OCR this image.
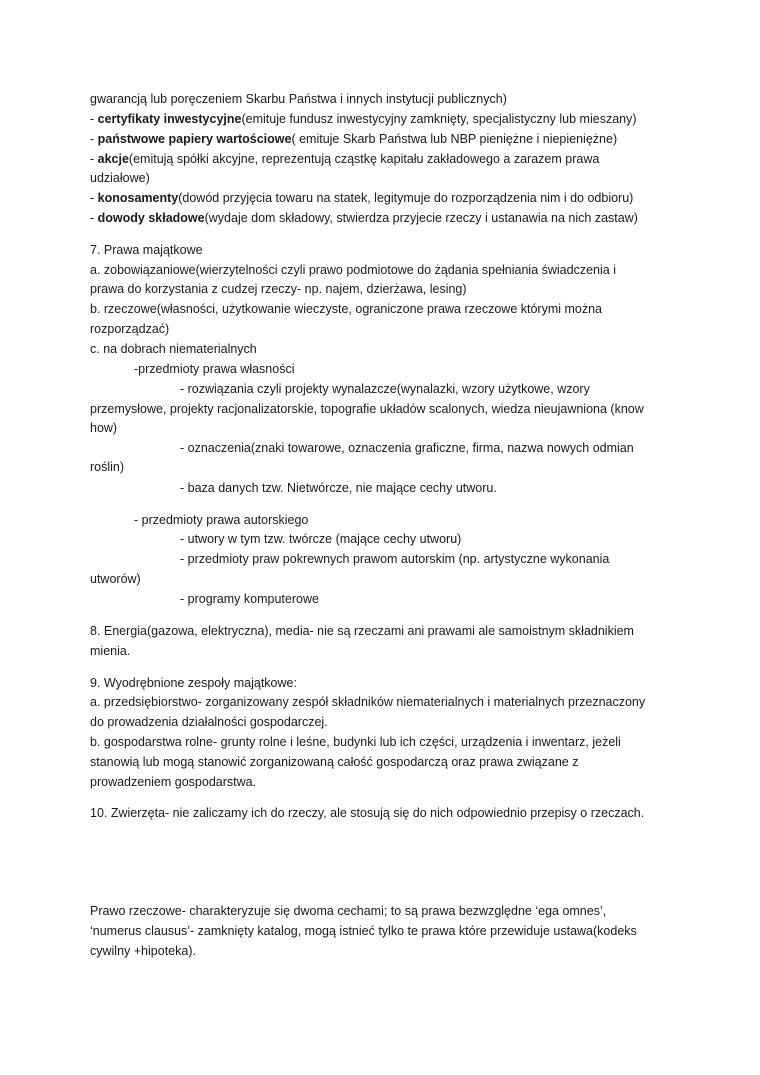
gwarancją lub poręczeniem Skarbu Państwa i innych instytucji publicznych)
- certyfikaty inwestycyjne(emituje fundusz inwestycyjny zamknięty, specjalistyczny lub mieszany)
- państwowe papiery wartościowe( emituje Skarb Państwa lub NBP pieniężne i niepieniężne)
- akcje(emitują spółki akcyjne, reprezentują cząstkę kapitału zakładowego a zarazem prawa
udziałowe)
- konosamenty(dowód przyjęcia towaru na statek, legitymuje do rozporządzenia nim i do odbioru)
- dowody składowe(wydaje dom składowy, stwierdza przyjecie rzeczy i ustanawia na nich zastaw)
7. Prawa majątkowe
a. zobowiązaniowe(wierzytelności czyli prawo podmiotowe do żądania spełniania świadczenia i
prawa do korzystania z cudzej rzeczy- np. najem, dzierżawa, lesing)
b. rzeczowe(własności, użytkowanie wieczyste, ograniczone prawa rzeczowe którymi można
rozporządzać)
c. na dobrach niematerialnych
-przedmioty prawa własności
- rozwiązania czyli projekty wynalazcze(wynalazki, wzory użytkowe, wzory
przemysłowe, projekty racjonalizatorskie, topografie układów scalonych, wiedza nieujawniona (know
how)
- oznaczenia(znaki towarowe, oznaczenia graficzne, firma, nazwa nowych odmian
roślin)
- baza danych tzw. Nietwórcze, nie mające cechy utworu.
- przedmioty prawa autorskiego
- utwory w tym tzw. twórcze (mające cechy utworu)
- przedmioty praw pokrewnych prawom autorskim (np. artystyczne wykonania
utworów)
- programy komputerowe
8. Energia(gazowa, elektryczna), media- nie są rzeczami ani prawami ale samoistnym składnikiem
mienia.
9. Wyodrębnione zespoły majątkowe:
a. przedsiębiorstwo- zorganizowany zespół składników niematerialnych i materialnych przeznaczony
do prowadzenia działalności gospodarczej.
b. gospodarstwa rolne- grunty rolne i leśne, budynki lub ich części, urządzenia i inwentarz, jeżeli
stanowią lub mogą stanowić zorganizowaną całość gospodarczą oraz prawa związane z
prowadzeniem gospodarstwa.
10. Zwierzęta- nie zaliczamy ich do rzeczy, ale stosują się do nich odpowiednio przepisy o rzeczach.
Prawo rzeczowe- charakteryzuje się dwoma cechami; to są prawa bezwzględne ‘ega omnes’,
‘numerus clausus’- zamknięty katalog, mogą istnieć tylko te prawa które przewiduje ustawa(kodeks
cywilny +hipoteka).
